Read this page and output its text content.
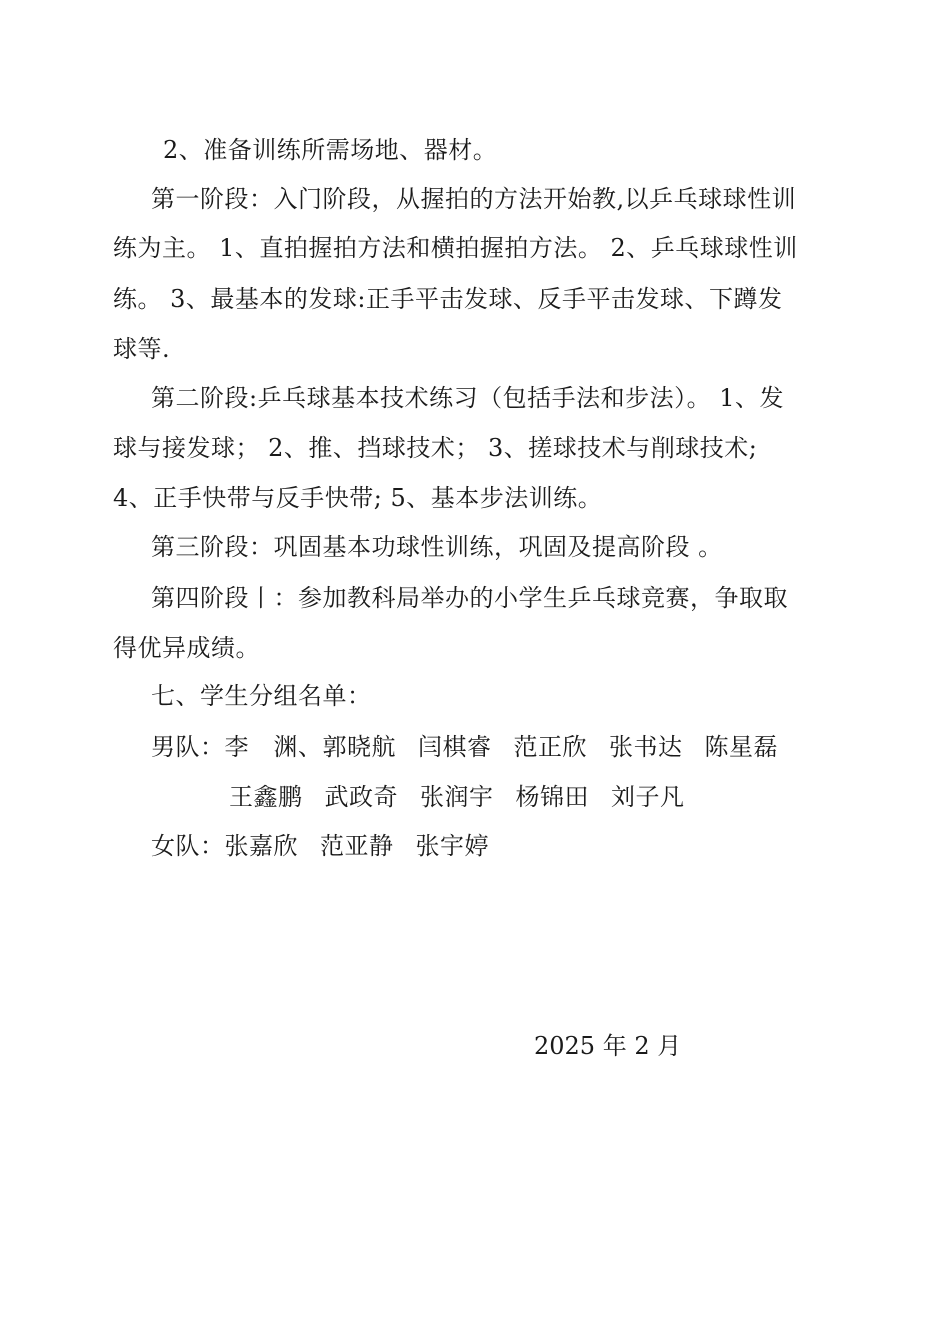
2、准备训练所需场地、器材。
第一阶段：入门阶段，从握拍的方法开始教,以乒乓球球性训
练为主。 1、直拍握拍方法和横拍握拍方法。 2、乒乓球球性训
练。 3、最基本的发球:正手平击发球、反手平击发球、下蹲发
球等.
第二阶段:乒乓球基本技术练习（包括手法和步法）。 1、发
球与接发球； 2、推、挡球技术； 3、搓球技术与削球技术;
4、正手快带与反手快带; 5、基本步法训练。
第三阶段：巩固基本功球性训练，巩固及提高阶段 。
第四阶段丨：参加教科局举办的小学生乒乓球竞赛，争取取
得优异成绩。
七、学生分组名单：
男队：李　渊、郭晓航 闫棋睿 范正欣 张书达 陈星磊
王鑫鹏 武政奇 张润宇 杨锦田 刘子凡
女队：张嘉欣 范亚静 张宇婷
2025 年 2 月
